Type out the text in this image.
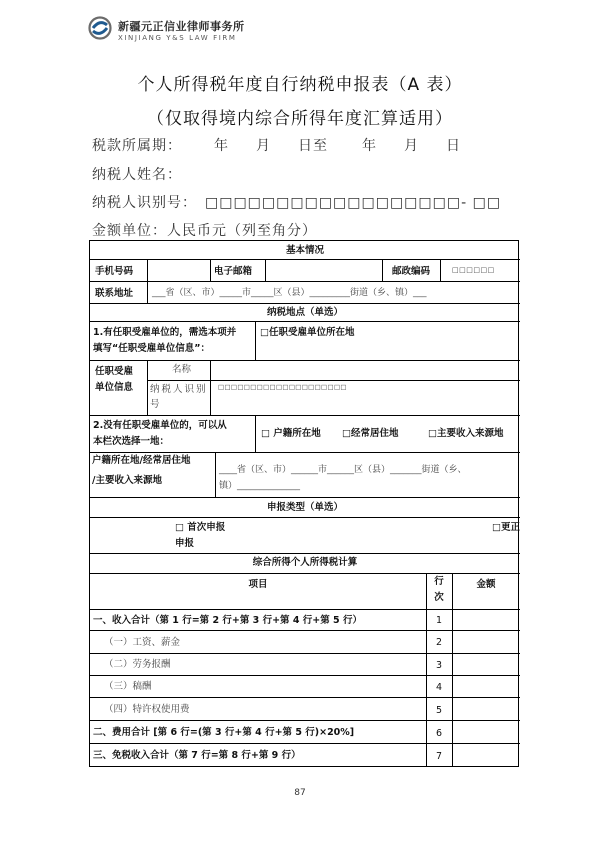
新疆元正信业律师事务所
XINJIANG Y&S LAW FIRM
个人所得税年度自行纳税申报表（A 表）
（仅取得境内综合所得年度汇算适用）
税款所属期： 年 月 日至 年 月 日
纳税人姓名：
纳税人识别号： □□□□□□□□□□□□□□□□□□- □□
金额单位：人民币元（列至角分）
基本情况
手机号码	电子邮箱	邮政编码	□□□□□□
联系地址 ___省（区、市）_____市_____区（县）_________街道（乡、镇）___
纳税地点（单选）
1.有任职受雇单位的，需选本项并
填写“任职受雇单位信息”：
□任职受雇单位所在地
任职受雇
单位信息
名称
纳税人识别
号
□□□□□□□□□□□□□□□□□□□□
2.没有任职受雇单位的，可以从
本栏次选择一地：
□ 户籍所在地 □经常居住地	□主要收入来源地
户籍所在地/经常居住地
/主要收入来源地
____省（区、市）______市______区（县）_______街道（乡、
镇）______________
申报类型（单选）
□ 首次申报
申报
□更正
综合所得个人所得税计算
项目	行
次
金额
一、收入合计（第 1 行=第 2 行+第 3 行+第 4 行+第 5 行）	1
（一）工资、薪金	2
（二）劳务报酬	3
（三）稿酬	4
（四）特许权使用费	5
二、费用合计 [第 6 行=(第 3 行+第 4 行+第 5 行)×20%]	6
三、免税收入合计（第 7 行=第 8 行+第 9 行）	7
87
